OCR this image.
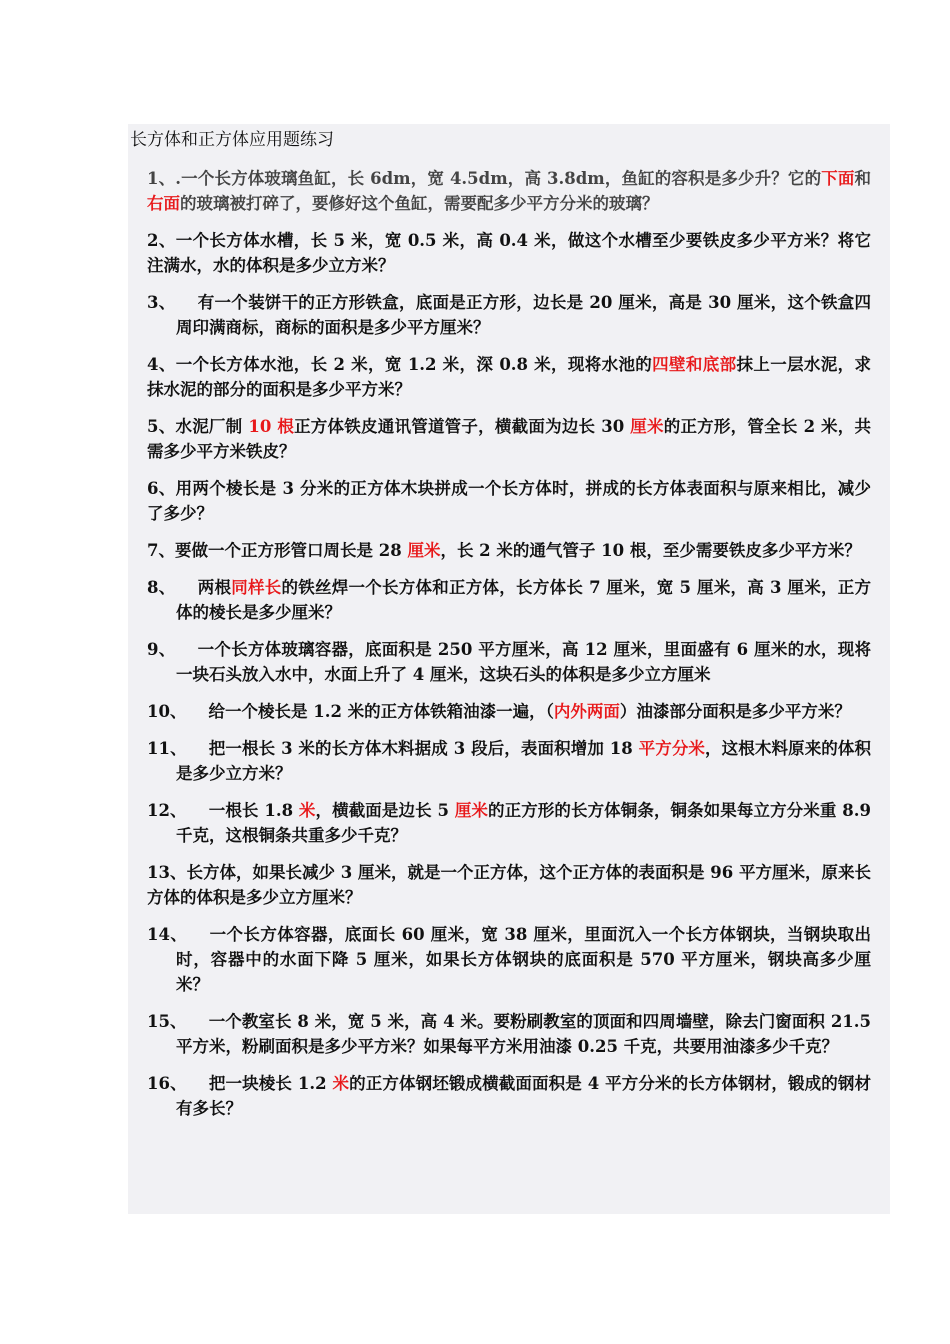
长方体和正方体应用题练习
1、.一个长方体玻璃鱼缸，长 6dm，宽 4.5dm，高 3.8dm，鱼缸的容积是多少升？它的下面和右面的玻璃被打碎了，要修好这个鱼缸，需要配多少平方分米的玻璃？
2、一个长方体水槽，长 5 米，宽 0.5 米，高 0.4 米，做这个水槽至少要铁皮多少平方米？将它注满水，水的体积是多少立方米？
3、 有一个装饼干的正方形铁盒，底面是正方形，边长是 20 厘米，高是 30 厘米，这个铁盒四周印满商标，商标的面积是多少平方厘米？
4、一个长方体水池，长 2 米，宽 1.2 米，深 0.8 米，现将水池的四壁和底部抹上一层水泥，求抹水泥的部分的面积是多少平方米？
5、水泥厂制 10 根正方体铁皮通讯管道管子，横截面为边长 30 厘米的正方形，管全长 2 米，共需多少平方米铁皮？
6、用两个棱长是 3 分米的正方体木块拼成一个长方体时，拼成的长方体表面积与原来相比，减少了多少？
7、要做一个正方形管口周长是 28 厘米，长 2 米的通气管子 10 根，至少需要铁皮多少平方米？
8、 两根同样长的铁丝焊一个长方体和正方体，长方体长 7 厘米，宽 5 厘米，高 3 厘米，正方体的棱长是多少厘米？
9、 一个长方体玻璃容器，底面积是 250 平方厘米，高 12 厘米，里面盛有 6 厘米的水，现将一块石头放入水中，水面上升了 4 厘米，这块石头的体积是多少立方厘米
10、 给一个棱长是 1.2 米的正方体铁箱油漆一遍，（内外两面）油漆部分面积是多少平方米？
11、 把一根长 3 米的长方体木料据成 3 段后，表面积增加 18 平方分米，这根木料原来的体积是多少立方米？
12、 一根长 1.8 米，横截面是边长 5 厘米的正方形的长方体铜条，铜条如果每立方分米重 8.9 千克，这根铜条共重多少千克？
13、长方体，如果长减少 3 厘米，就是一个正方体，这个正方体的表面积是 96 平方厘米，原来长方体的体积是多少立方厘米？
14、 一个长方体容器，底面长 60 厘米，宽 38 厘米，里面沉入一个长方体钢块，当钢块取出时，容器中的水面下降 5 厘米，如果长方体钢块的底面积是 570 平方厘米，钢块高多少厘米？
15、 一个教室长 8 米，宽 5 米，高 4 米。要粉刷教室的顶面和四周墙壁，除去门窗面积 21.5 平方米，粉刷面积是多少平方米？如果每平方米用油漆 0.25 千克，共要用油漆多少千克？
16、 把一块棱长 1.2 米的正方体钢坯锻成横截面面积是 4 平方分米的长方体钢材，锻成的钢材有多长？
